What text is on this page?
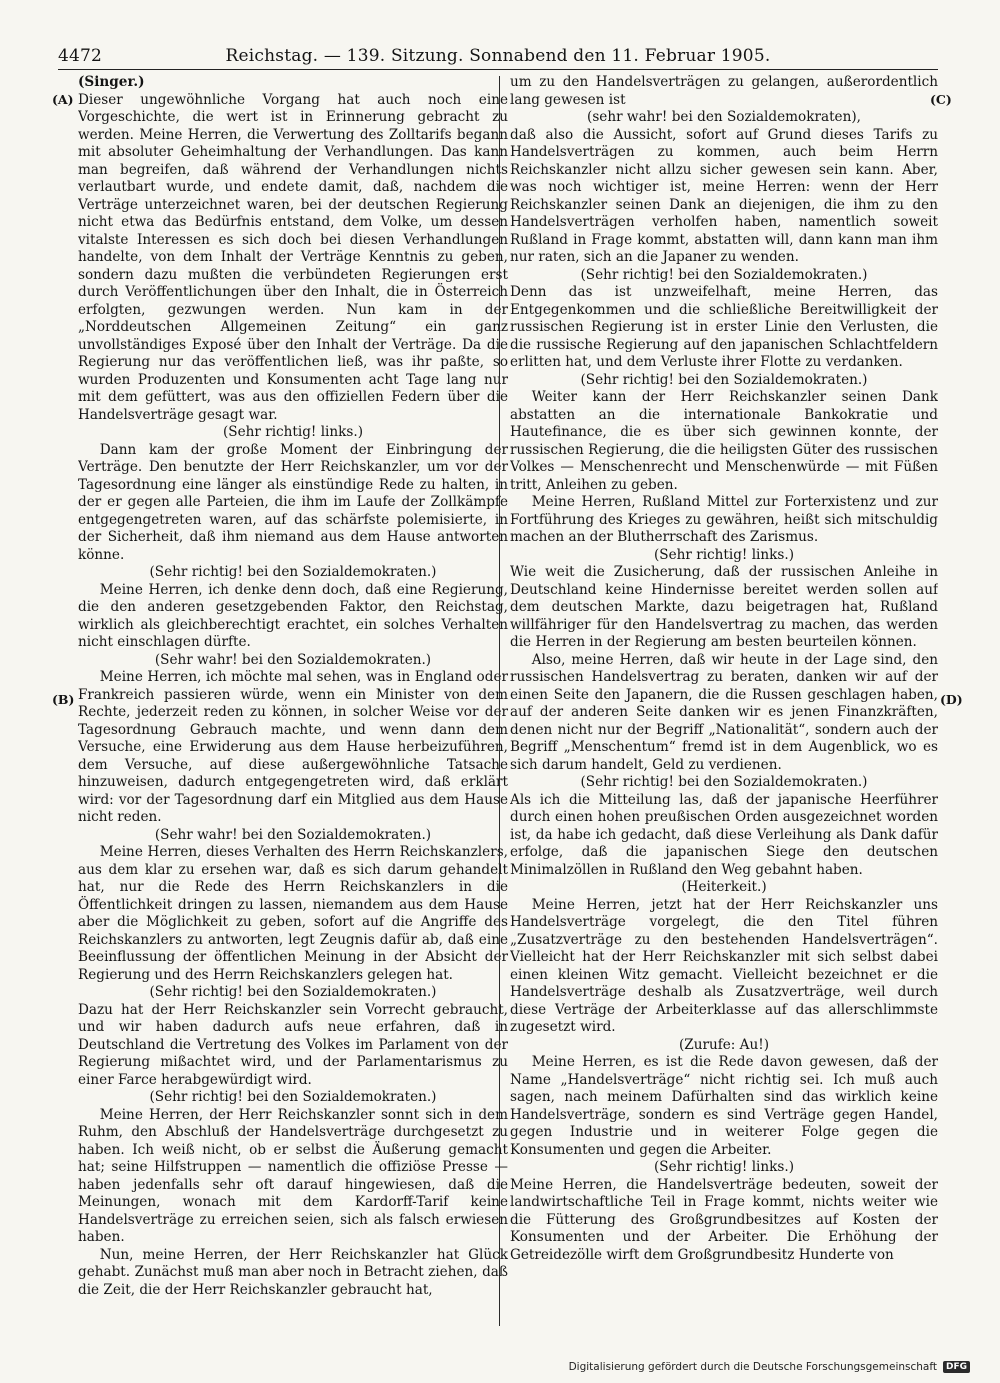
4472	Reichstag. — 139. Sitzung. Sonnabend den 11. Februar 1905.
(A)
(B)
(C)
(D)

(Singer.)

Dieser ungewöhnliche Vorgang hat auch noch eine Vorgeschichte, die wert ist in Erinnerung gebracht zu werden. Meine Herren, die Verwertung des Zolltarifs begann mit absoluter Geheimhaltung der Verhandlungen. Das kann man begreifen, daß während der Verhandlungen nichts verlautbart wurde, und endete damit, daß, nachdem die Verträge unterzeichnet waren, bei der deutschen Regierung nicht etwa das Bedürfnis entstand, dem Volke, um dessen vitalste Interessen es sich doch bei diesen Verhandlungen handelte, von dem Inhalt der Verträge Kenntnis zu geben, sondern dazu mußten die verbündeten Regierungen erst durch Veröffentlichungen über den Inhalt, die in Österreich erfolgten, gezwungen werden. Nun kam in der „Norddeutschen Allgemeinen Zeitung“ ein ganz unvollständiges Exposé über den Inhalt der Verträge. Da die Regierung nur das veröffentlichen ließ, was ihr paßte, so wurden Produzenten und Konsumenten acht Tage lang nur mit dem gefüttert, was aus den offiziellen Federn über die Handelsverträge gesagt war.

(Sehr richtig! links.)

Dann kam der große Moment der Einbringung der Verträge. Den benutzte der Herr Reichskanzler, um vor der Tagesordnung eine länger als einstündige Rede zu halten, in der er gegen alle Parteien, die ihm im Laufe der Zollkämpfe entgegengetreten waren, auf das schärfste polemisierte, in der Sicherheit, daß ihm niemand aus dem Hause antworten könne.

(Sehr richtig! bei den Sozialdemokraten.)

Meine Herren, ich denke denn doch, daß eine Regierung, die den anderen gesetzgebenden Faktor, den Reichstag, wirklich als gleichberechtigt erachtet, ein solches Verhalten nicht einschlagen dürfte.

(Sehr wahr! bei den Sozialdemokraten.)

Meine Herren, ich möchte mal sehen, was in England oder Frankreich passieren würde, wenn ein Minister von dem Rechte, jederzeit reden zu können, in solcher Weise vor der Tagesordnung Gebrauch machte, und wenn dann dem Versuche, eine Erwiderung aus dem Hause herbeizuführen, dem Versuche, auf diese außergewöhnliche Tatsache hinzuweisen, dadurch entgegengetreten wird, daß erklärt wird: vor der Tagesordnung darf ein Mitglied aus dem Hause nicht reden.

(Sehr wahr! bei den Sozialdemokraten.)

Meine Herren, dieses Verhalten des Herrn Reichskanzlers, aus dem klar zu ersehen war, daß es sich darum gehandelt hat, nur die Rede des Herrn Reichskanzlers in die Öffentlichkeit dringen zu lassen, niemandem aus dem Hause aber die Möglichkeit zu geben, sofort auf die Angriffe des Reichskanzlers zu antworten, legt Zeugnis dafür ab, daß eine Beeinflussung der öffentlichen Meinung in der Absicht der Regierung und des Herrn Reichskanzlers gelegen hat.

(Sehr richtig! bei den Sozialdemokraten.)

Dazu hat der Herr Reichskanzler sein Vorrecht gebraucht, und wir haben dadurch aufs neue erfahren, daß in Deutschland die Vertretung des Volkes im Parlament von der Regierung mißachtet wird, und der Parlamentarismus zu einer Farce herabgewürdigt wird.

(Sehr richtig! bei den Sozialdemokraten.)

Meine Herren, der Herr Reichskanzler sonnt sich in dem Ruhm, den Abschluß der Handelsverträge durchgesetzt zu haben. Ich weiß nicht, ob er selbst die Äußerung gemacht hat; seine Hilfstruppen — namentlich die offiziöse Presse — haben jedenfalls sehr oft darauf hingewiesen, daß die Meinungen, wonach mit dem Kardorff-Tarif keine Handelsverträge zu erreichen seien, sich als falsch erwiesen haben.

Nun, meine Herren, der Herr Reichskanzler hat Glück gehabt. Zunächst muß man aber noch in Betracht ziehen, daß die Zeit, die der Herr Reichskanzler gebraucht hat,

um zu den Handelsverträgen zu gelangen, außerordentlich lang gewesen ist

(sehr wahr! bei den Sozialdemokraten),

daß also die Aussicht, sofort auf Grund dieses Tarifs zu Handelsverträgen zu kommen, auch beim Herrn Reichskanzler nicht allzu sicher gewesen sein kann. Aber, was noch wichtiger ist, meine Herren: wenn der Herr Reichskanzler seinen Dank an diejenigen, die ihm zu den Handelsverträgen verholfen haben, namentlich soweit Rußland in Frage kommt, abstatten will, dann kann man ihm nur raten, sich an die Japaner zu wenden.

(Sehr richtig! bei den Sozialdemokraten.)

Denn das ist unzweifelhaft, meine Herren, das Entgegenkommen und die schließliche Bereitwilligkeit der russischen Regierung ist in erster Linie den Verlusten, die die russische Regierung auf den japanischen Schlachtfeldern erlitten hat, und dem Verluste ihrer Flotte zu verdanken.

(Sehr richtig! bei den Sozialdemokraten.)

Weiter kann der Herr Reichskanzler seinen Dank abstatten an die internationale Bankokratie und Hautefinance, die es über sich gewinnen konnte, der russischen Regierung, die die heiligsten Güter des russischen Volkes — Menschenrecht und Menschenwürde — mit Füßen tritt, Anleihen zu geben.

Meine Herren, Rußland Mittel zur Forterxistenz und zur Fortführung des Krieges zu gewähren, heißt sich mitschuldig machen an der Blutherrschaft des Zarismus.

(Sehr richtig! links.)

Wie weit die Zusicherung, daß der russischen Anleihe in Deutschland keine Hindernisse bereitet werden sollen auf dem deutschen Markte, dazu beigetragen hat, Rußland willfähriger für den Handelsvertrag zu machen, das werden die Herren in der Regierung am besten beurteilen können.

Also, meine Herren, daß wir heute in der Lage sind, den russischen Handelsvertrag zu beraten, danken wir auf der einen Seite den Japanern, die die Russen geschlagen haben, auf der anderen Seite danken wir es jenen Finanzkräften, denen nicht nur der Begriff „Nationalität“, sondern auch der Begriff „Menschentum“ fremd ist in dem Augenblick, wo es sich darum handelt, Geld zu verdienen.

(Sehr richtig! bei den Sozialdemokraten.)

Als ich die Mitteilung las, daß der japanische Heerführer durch einen hohen preußischen Orden ausgezeichnet worden ist, da habe ich gedacht, daß diese Verleihung als Dank dafür erfolge, daß die japanischen Siege den deutschen Minimalzöllen in Rußland den Weg gebahnt haben.

(Heiterkeit.)

Meine Herren, jetzt hat der Herr Reichskanzler uns Handelsverträge vorgelegt, die den Titel führen „Zusatzverträge zu den bestehenden Handelsverträgen“. Vielleicht hat der Herr Reichskanzler mit sich selbst dabei einen kleinen Witz gemacht. Vielleicht bezeichnet er die Handelsverträge deshalb als Zusatzverträge, weil durch diese Verträge der Arbeiterklasse auf das allerschlimmste zugesetzt wird.

(Zurufe: Au!)

Meine Herren, es ist die Rede davon gewesen, daß der Name „Handelsverträge“ nicht richtig sei. Ich muß auch sagen, nach meinem Dafürhalten sind das wirklich keine Handelsverträge, sondern es sind Verträge gegen Handel, gegen Industrie und in weiterer Folge gegen die Konsumenten und gegen die Arbeiter.

(Sehr richtig! links.)

Meine Herren, die Handelsverträge bedeuten, soweit der landwirtschaftliche Teil in Frage kommt, nichts weiter wie die Fütterung des Großgrundbesitzes auf Kosten der Konsumenten und der Arbeiter. Die Erhöhung der Getreidezölle wirft dem Großgrundbesitz Hunderte von

Digitalisierung gefördert durch die Deutsche Forschungsgemeinschaft	DFG
